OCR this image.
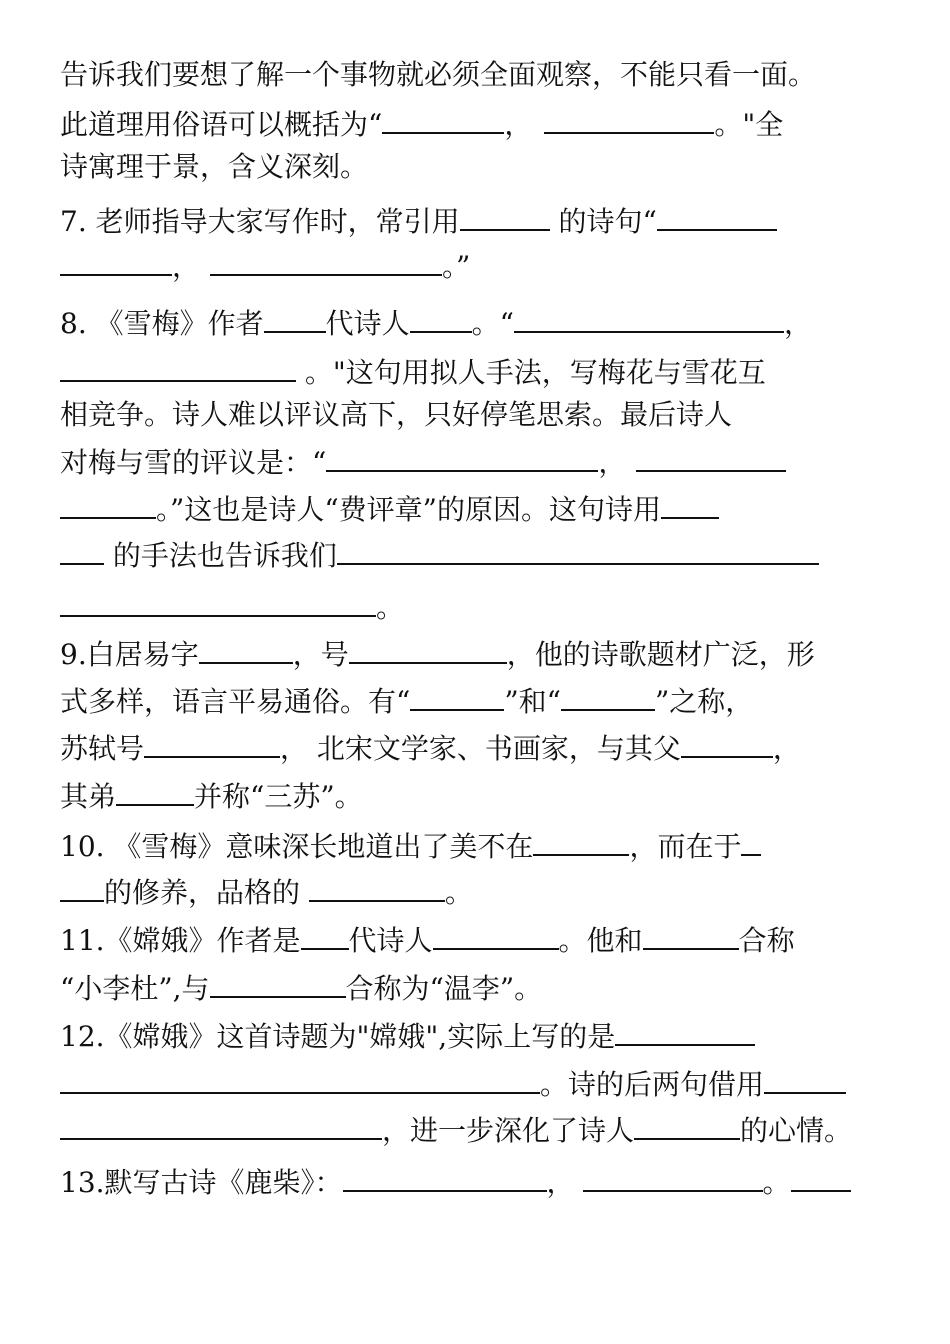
告诉我们要想了解一个事物就必须全面观察，不能只看一面。
此道理用俗语可以概括为“	，	。"全
诗寓理于景，含义深刻。
7. 老师指导大家写作时，常引用	的诗句“
，	。”
8. 《雪梅》作者 代诗人 。“	，
。"这句用拟人手法，写梅花与雪花互
相竞争。诗人难以评议高下，只好停笔思索。最后诗人
对梅与雪的评议是：“	，
。”这也是诗人“费评章”的原因。这句诗用
的手法也告诉我们
。
9.白居易字	，号	，他的诗歌题材广泛，形
式多样，语言平易通俗。有“	”和“	”之称，
苏轼号	， 北宋文学家、书画家，与其父	，
其弟	并称“三苏”。
10. 《雪梅》意味深长地道出了美不在	，而在于
的修养，品格的	。
11.《嫦娥》作者是 代诗人	。他和	合称
“小李杜”,与	合称为“温李”。
12.《嫦娥》这首诗题为"嫦娥",实际上写的是
。诗的后两句借用
，进一步深化了诗人	的心情。
13.默写古诗《鹿柴》：	，	。
